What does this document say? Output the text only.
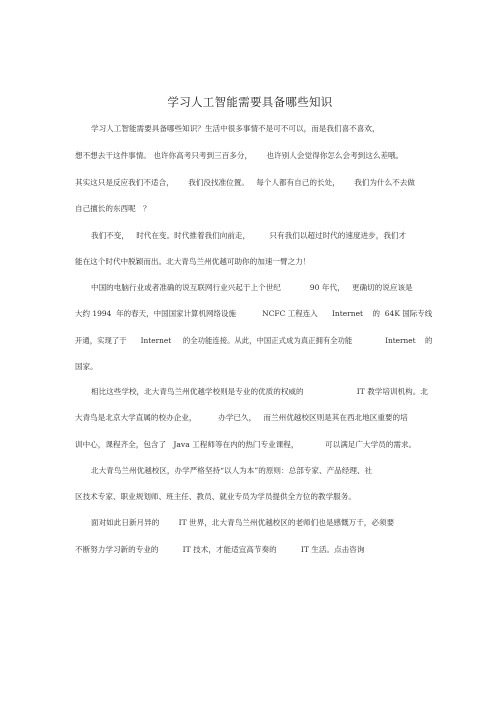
学习人工智能需要具备哪些知识
学习人工智能需要具备哪些知识？生活中很多事情不是可不可以，而是我们喜不喜欢，
想不想去干这件事情。 也许你高考只考到三百多分，      也许别人会觉得你怎么会考到这么差哦。
其实这只是反应我们不适合，      我们没找准位置。   每个人都有自己的长处，      我们为什么不去做
自己擅长的东西呢   ？
我们不变，   时代在变。时代推着我们向前走，        只有我们以超过时代的速度进步，我们才
能在这个时代中脱颖而出。北大青鸟兰州优越可助你的加速一臂之力！
中国的电脑行业或者准确的说互联网行业兴起于上个世纪            90 年代，   更确切的说应该是
大约 1994  年的春天，中国国家计算机网络设施           NCFC 工程连入      Internet    的  64K 国际专线
开通，实现了于      Internet     的全功能连接。从此，中国正式成为真正拥有全功能              Internet    的
国家。
相比这些学校，北大青鸟兰州优越学校则是专业的优质的权威的                      IT 教学培训机构。北
大青鸟是北京大学直属的校办企业，         办学已久，   而兰州优越校区则是其在西北地区重要的培
训中心，课程齐全，包含了   Java 工程师等在内的热门专业课程，           可以满足广大学员的需求。
北大青鸟兰州优越校区，办学严格坚持“以人为本”的原则：总部专家、产品经理、社
区技术专家、职业规划师、班主任、教员、就业专员为学员提供全方位的教学服务。
面对如此日新月异的        IT 世界，北大青鸟兰州优越校区的老师们也是感慨万千，必须要
不断努力学习新的专业的          IT 技术，才能适宜高节奏的          IT 生活。点击咨询
